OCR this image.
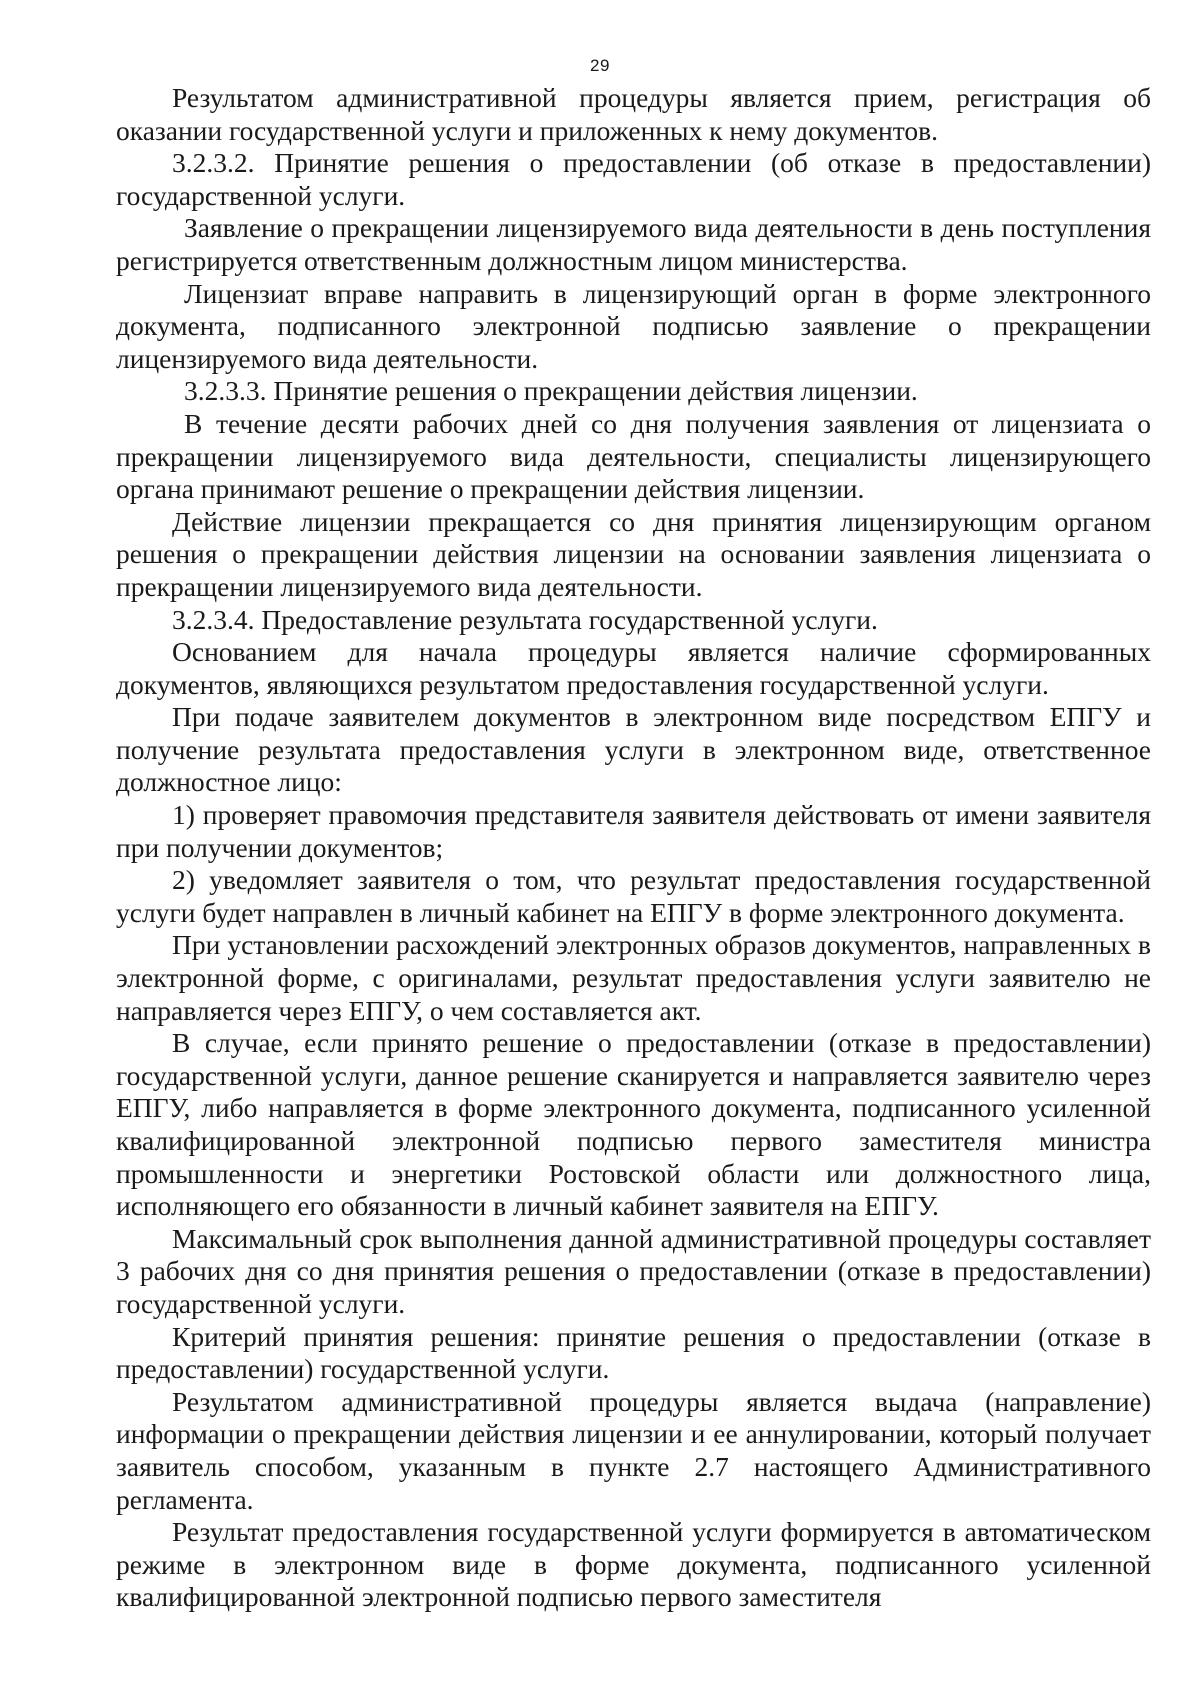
29

Результатом административной процедуры является прием, регистрация об оказании государственной услуги и приложенных к нему документов.

3.2.3.2. Принятие решения о предоставлении (об отказе в предоставлении) государственной услуги.

Заявление о прекращении лицензируемого вида деятельности в день поступления регистрируется ответственным должностным лицом министерства.

Лицензиат вправе направить в лицензирующий орган в форме электронного документа, подписанного электронной подписью заявление о прекращении лицензируемого вида деятельности.

3.2.3.3. Принятие решения о прекращении действия лицензии.

В течение десяти рабочих дней со дня получения заявления от лицензиата о прекращении лицензируемого вида деятельности, специалисты лицензирующего органа принимают решение о прекращении действия лицензии.

Действие лицензии прекращается со дня принятия лицензирующим органом решения о прекращении действия лицензии на основании заявления лицензиата о прекращении лицензируемого вида деятельности.

3.2.3.4. Предоставление результата государственной услуги.

Основанием для начала процедуры является наличие сформированных документов, являющихся результатом предоставления государственной услуги.

При подаче заявителем документов в электронном виде посредством ЕПГУ и получение результата предоставления услуги в электронном виде, ответственное должностное лицо:

1) проверяет правомочия представителя заявителя действовать от имени заявителя при получении документов;

2) уведомляет заявителя о том, что результат предоставления государственной услуги будет направлен в личный кабинет на ЕПГУ в форме электронного документа.

При установлении расхождений электронных образов документов, направленных в электронной форме, с оригиналами, результат предоставления услуги заявителю не направляется через ЕПГУ, о чем составляется акт.

В случае, если принято решение о предоставлении (отказе в предоставлении) государственной услуги, данное решение сканируется и направляется заявителю через ЕПГУ, либо направляется в форме электронного документа, подписанного усиленной квалифицированной электронной подписью первого заместителя министра промышленности и энергетики Ростовской области или должностного лица, исполняющего его обязанности в личный кабинет заявителя на ЕПГУ.

Максимальный срок выполнения данной административной процедуры составляет 3 рабочих дня со дня принятия решения о предоставлении (отказе в предоставлении) государственной услуги.

Критерий принятия решения: принятие решения о предоставлении (отказе в предоставлении) государственной услуги.

Результатом административной процедуры является выдача (направление) информации о прекращении действия лицензии и ее аннулировании, который получает заявитель способом, указанным в пункте 2.7 настоящего Административного регламента.

Результат предоставления государственной услуги формируется в автоматическом режиме в электронном виде в форме документа, подписанного усиленной квалифицированной электронной подписью первого заместителя
